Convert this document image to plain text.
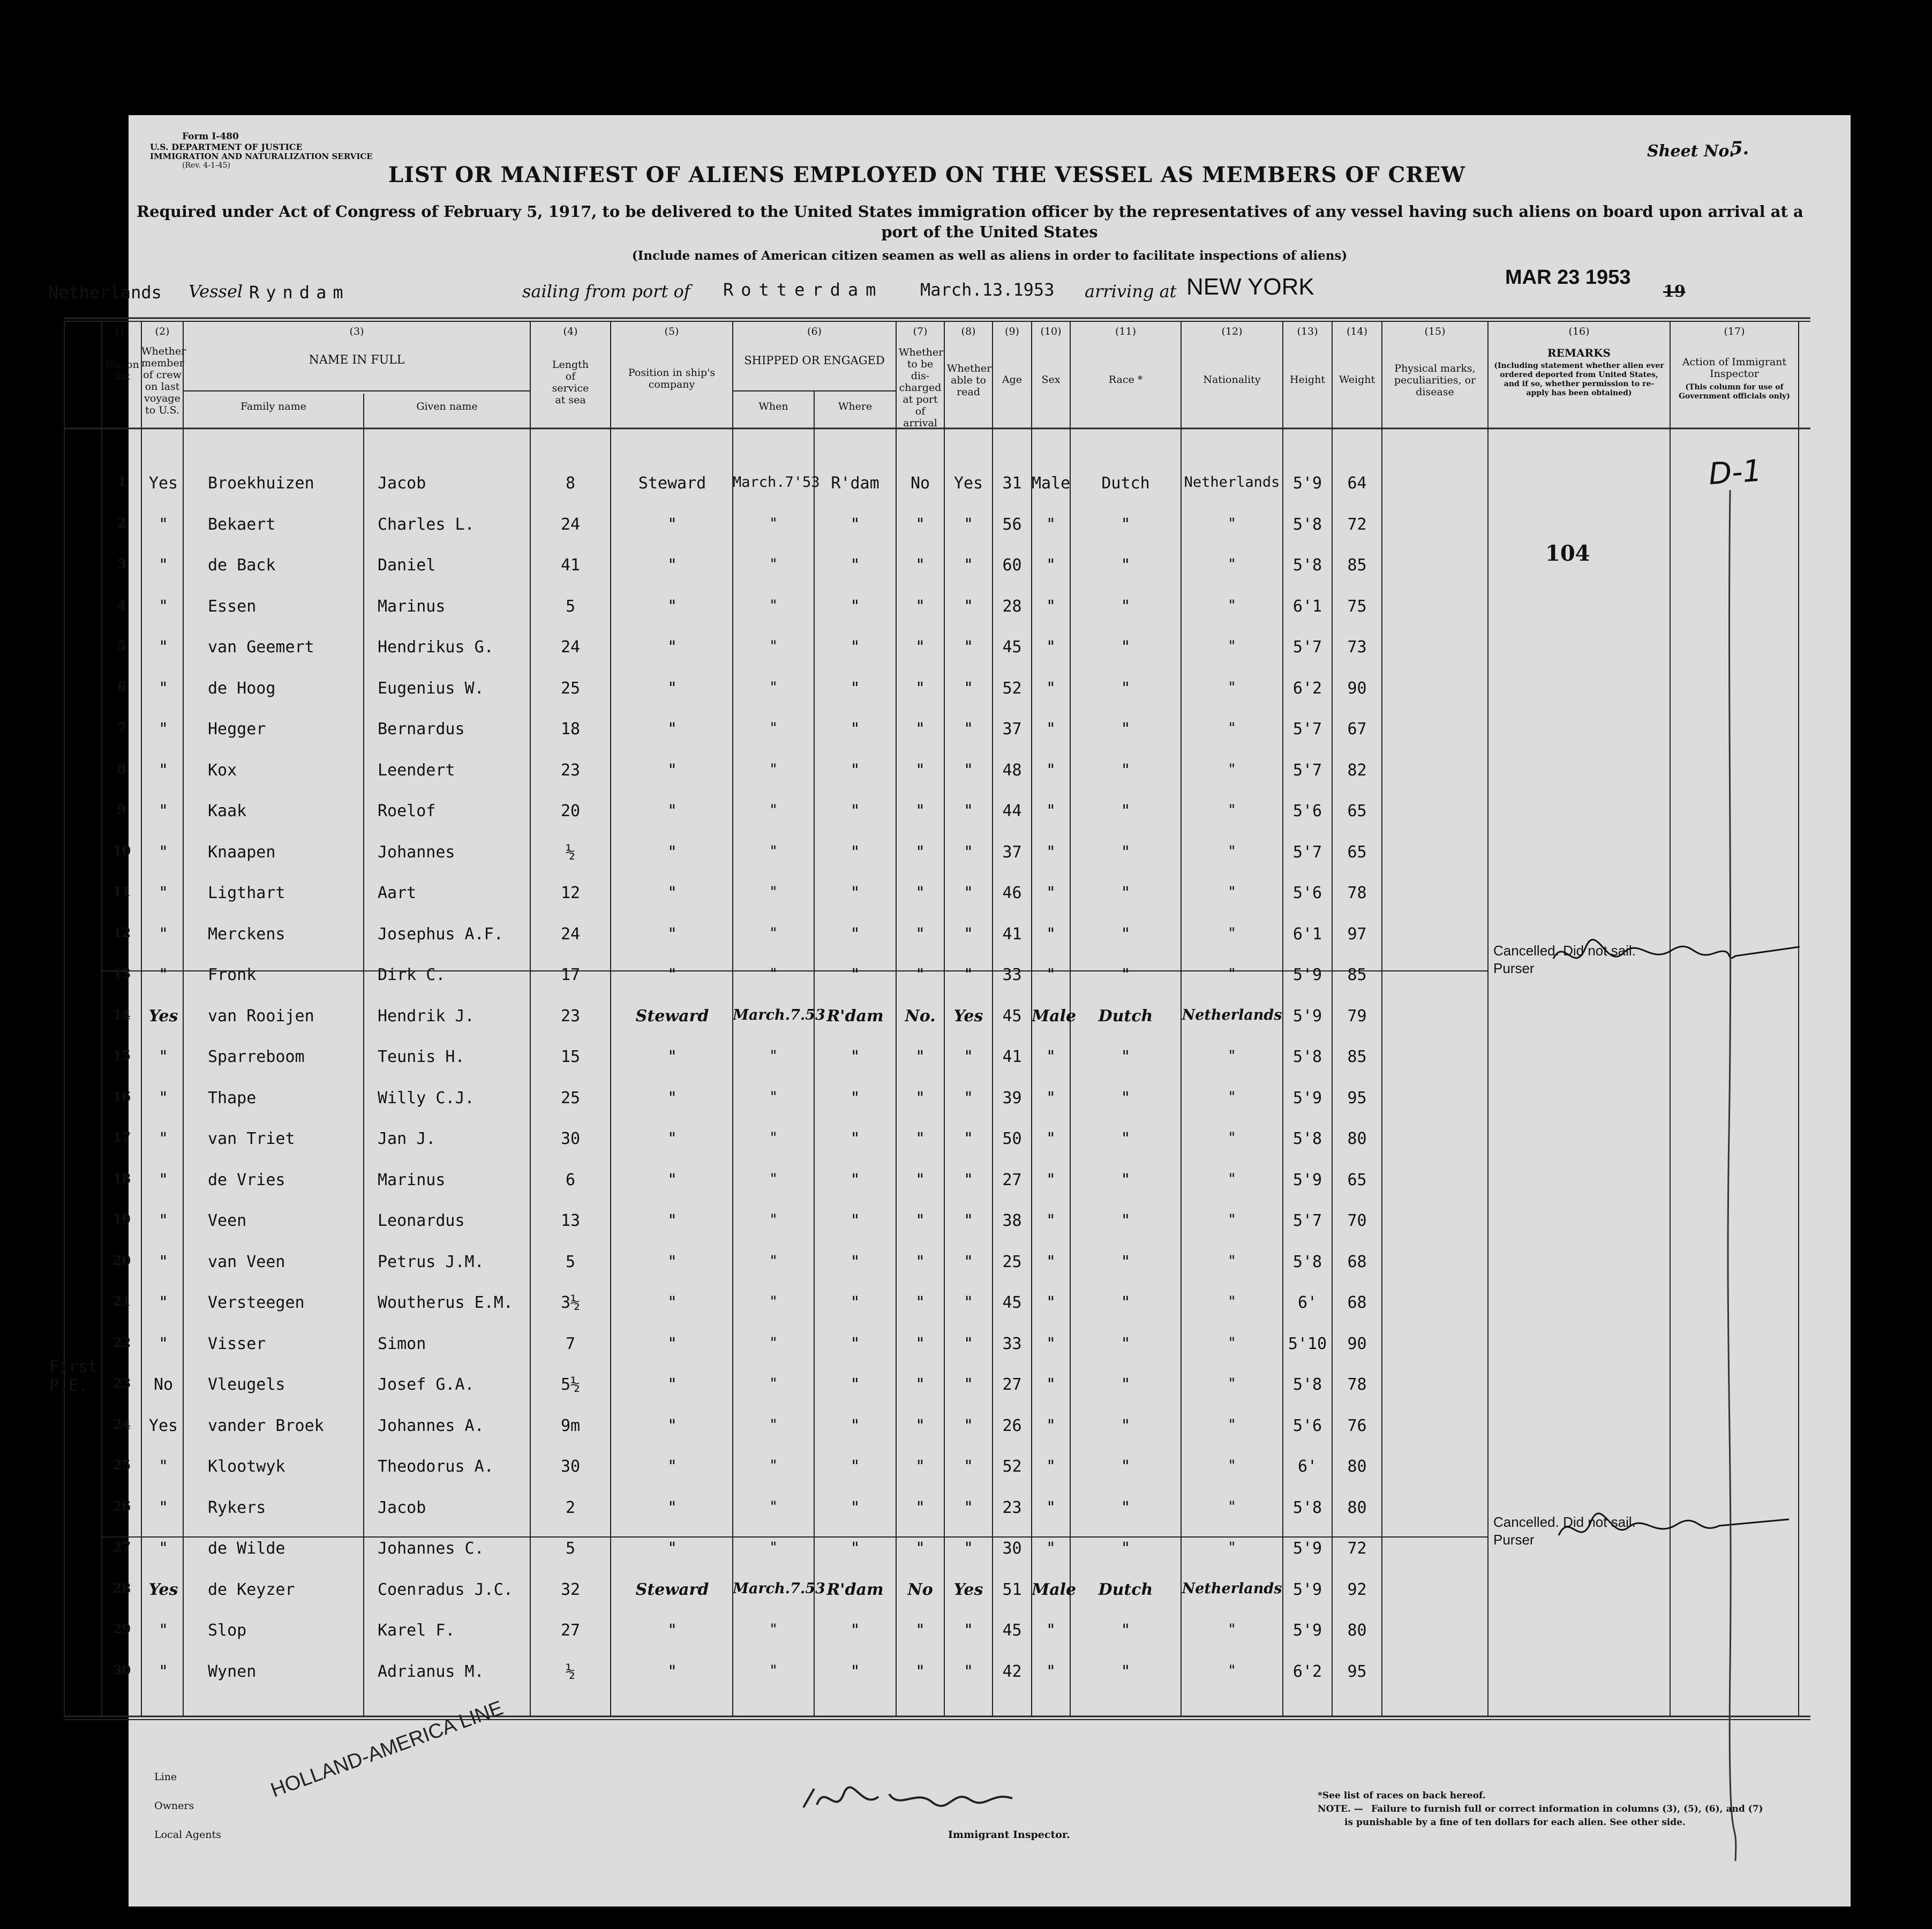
Form I-480
U.S. DEPARTMENT OF JUSTICE
IMMIGRATION AND NATURALIZATION SERVICE
(Rev. 4-1-45)
Sheet No.
5.
LIST OR MANIFEST OF ALIENS EMPLOYED ON THE VESSEL AS MEMBERS OF CREW
Required under Act of Congress of February 5, 1917, to be delivered to the United States immigration officer by the representatives of any vessel having such aliens on board upon arrival at a
port of the United States
(Include names of American citizen seamen as well as aliens in order to facilitate inspections of aliens)
Netherlands Vessel Ryndam	sailing from port of Rotterdam March.13.1953 arriving at NEW YORK	MAR 23 1953
19
(1)
No. on list
(2)
Whether member of crew on last voyage to U.S.
(3)
NAME IN FULL
Family name	Given name
(4)
Length of service at sea
(5)
Position in ship's company
(6)
SHIPPED OR ENGAGED
When	Where
(7)
Whether to be dis-charged at port of arrival
(8)
Whether able to read
(9)
Age
(10)
Sex
(11)
Race *
(12)
Nationality
(13)
Height
(14)
Weight
(15)
Physical marks, peculiarities, or disease
(16)
REMARKS
(Including statement whether alien ever ordered deported from United States, and if so, whether permission to re-apply has been obtained)
(17)
Action of Immigrant Inspector
(This column for use of Government officials only)
1	Yes Broekhuizen	Jacob	8	Steward	March.7'53 R'dam	No	Yes	31 Male	Dutch	Netherlands 5'9	64
2	"	Bekaert	Charles L.	24	"	"	"	"	"	56	"	"	"	5'8	72
3	"	de Back	Daniel	41	"	"	"	"	"	60	"	"	"	5'8	85
4	"	Essen	Marinus	5	"	"	"	"	"	28	"	"	"	6'1	75
5	"	van Geemert	Hendrikus G.	24	"	"	"	"	"	45	"	"	"	5'7	73
6	"	de Hoog	Eugenius W.	25	"	"	"	"	"	52	"	"	"	6'2	90
7	"	Hegger	Bernardus	18	"	"	"	"	"	37	"	"	"	5'7	67
8	"	Kox	Leendert	23	"	"	"	"	"	48	"	"	"	5'7	82
9	"	Kaak	Roelof	20	"	"	"	"	"	44	"	"	"	5'6	65
10	"	Knaapen	Johannes	½	"	"	"	"	"	37	"	"	"	5'7	65
11	"	Ligthart	Aart	12	"	"	"	"	"	46	"	"	"	5'6	78
12	"	Merckens	Josephus A.F.	24	"	"	"	"	"	41	"	"	"	6'1	97
13	"	Fronk	Dirk C.	17	"	"	"	"	"	33	"	"	"	5'9	85
14	Yes van Rooijen	Hendrik J.	23	Steward	March.7.53 R'dam	No.	Yes	45 Male	Dutch	Netherlands 5'9	79
15	"	Sparreboom	Teunis H.	15	"	"	"	"	"	41	"	"	"	5'8	85
16	"	Thape	Willy C.J.	25	"	"	"	"	"	39	"	"	"	5'9	95
17	"	van Triet	Jan J.	30	"	"	"	"	"	50	"	"	"	5'8	80
18	"	de Vries	Marinus	6	"	"	"	"	"	27	"	"	"	5'9	65
19	"	Veen	Leonardus	13	"	"	"	"	"	38	"	"	"	5'7	70
20	"	van Veen	Petrus J.M.	5	"	"	"	"	"	25	"	"	"	5'8	68
21	"	Versteegen	Woutherus E.M.	3½	"	"	"	"	"	45	"	"	"	6'	68
22	"	Visser	Simon	7	"	"	"	"	"	33	"	"	"	5'10	90
23	No	Vleugels	Josef G.A.	5½	"	"	"	"	"	27	"	"	"	5'8	78
24	Yes vander Broek	Johannes A.	9m	"	"	"	"	"	26	"	"	"	5'6	76
25	"	Klootwyk	Theodorus A.	30	"	"	"	"	"	52	"	"	"	6'	80
26	"	Rykers	Jacob	2	"	"	"	"	"	23	"	"	"	5'8	80
27	"	de Wilde	Johannes C.	5	"	"	"	"	"	30	"	"	"	5'9	72
28	Yes de Keyzer	Coenradus J.C.	32	Steward	March.7.53 R'dam	No	Yes	51 Male	Dutch	Netherlands 5'9	92
29	"	Slop	Karel F.	27	"	"	"	"	"	45	"	"	"	5'9	80
30	"	Wynen	Adrianus M.	½	"	"	"	"	"	42	"	"	"	6'2	95
104
D-1
Cancelled. Did not sail.
Purser
Cancelled. Did not sail.
Purser
First
P.E.
Line
Owners
Local Agents
HOLLAND-AMERICA LINE
Immigrant Inspector.
*See list of races on back hereof.
NOTE. — Failure to furnish full or correct information in columns (3), (5), (6), and (7)
is punishable by a fine of ten dollars for each alien. See other side.
